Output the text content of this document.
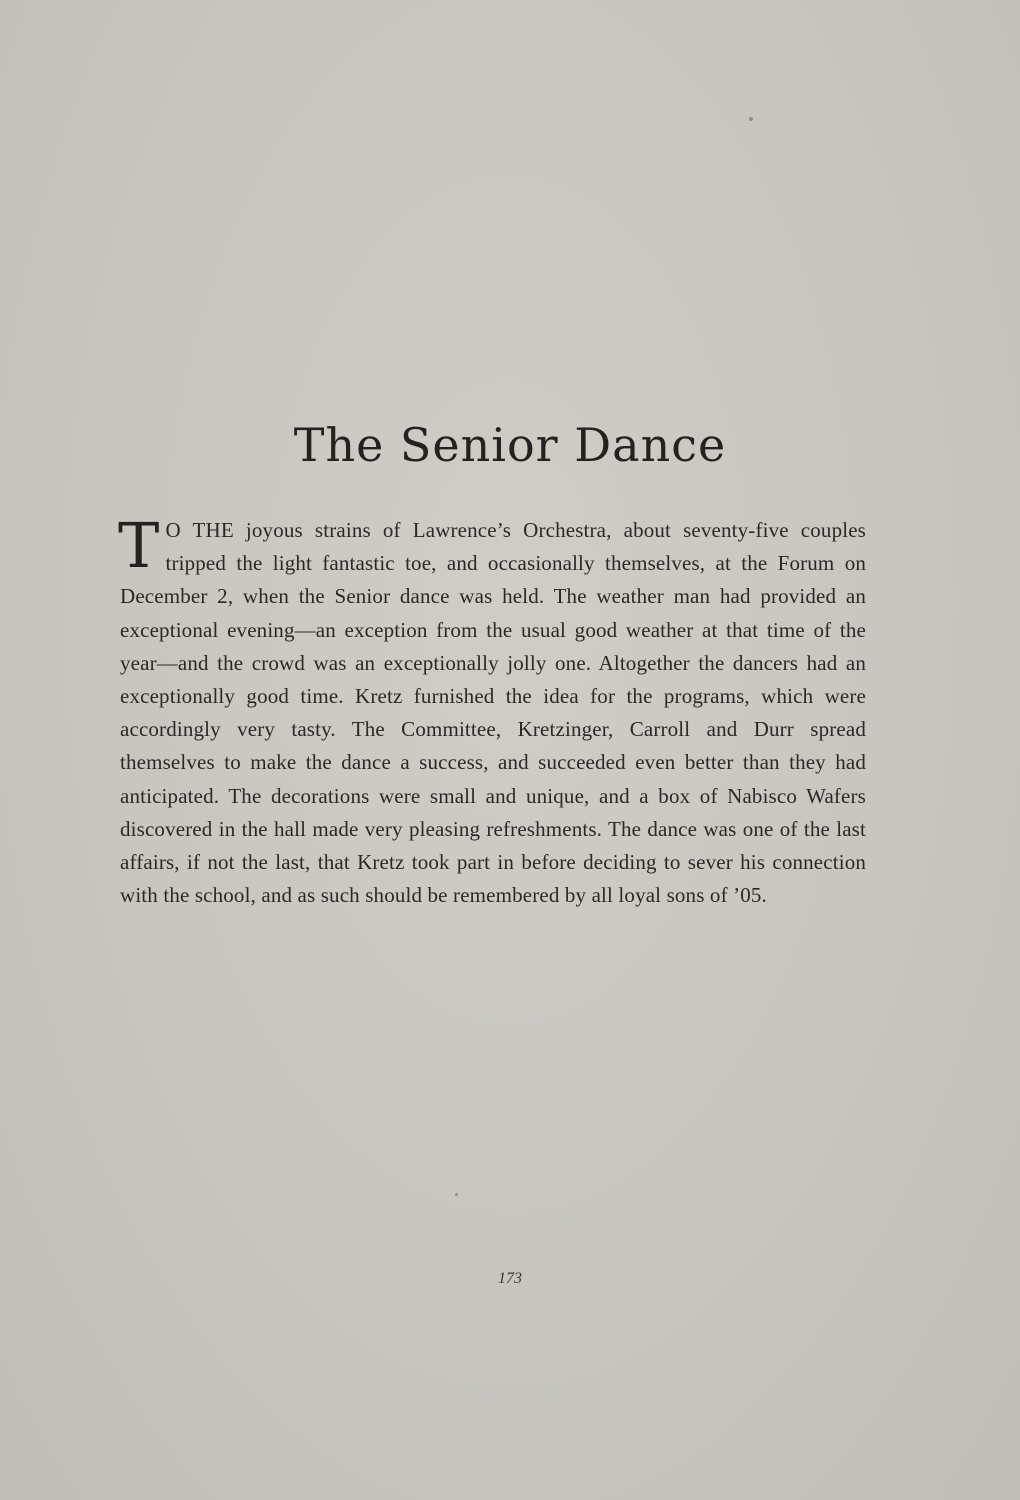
The Senior Dance

T O THE joyous strains of Lawrence’s Orchestra, about seventy-five couples tripped the light fantastic toe, and occasionally themselves, at the Forum on December 2, when the Senior dance was held. The weather man had provided an exceptional evening—an exception from the usual good weather at that time of the year—and the crowd was an exceptionally jolly one. Altogether the dancers had an exceptionally good time. Kretz furnished the idea for the programs, which were accordingly very tasty. The Committee, Kretzinger, Carroll and Durr spread themselves to make the dance a success, and succeeded even better than they had anticipated. The decorations were small and unique, and a box of Nabisco Wafers discovered in the hall made very pleasing refreshments. The dance was one of the last affairs, if not the last, that Kretz took part in before deciding to sever his connection with the school, and as such should be remembered by all loyal sons of ’05.

173
